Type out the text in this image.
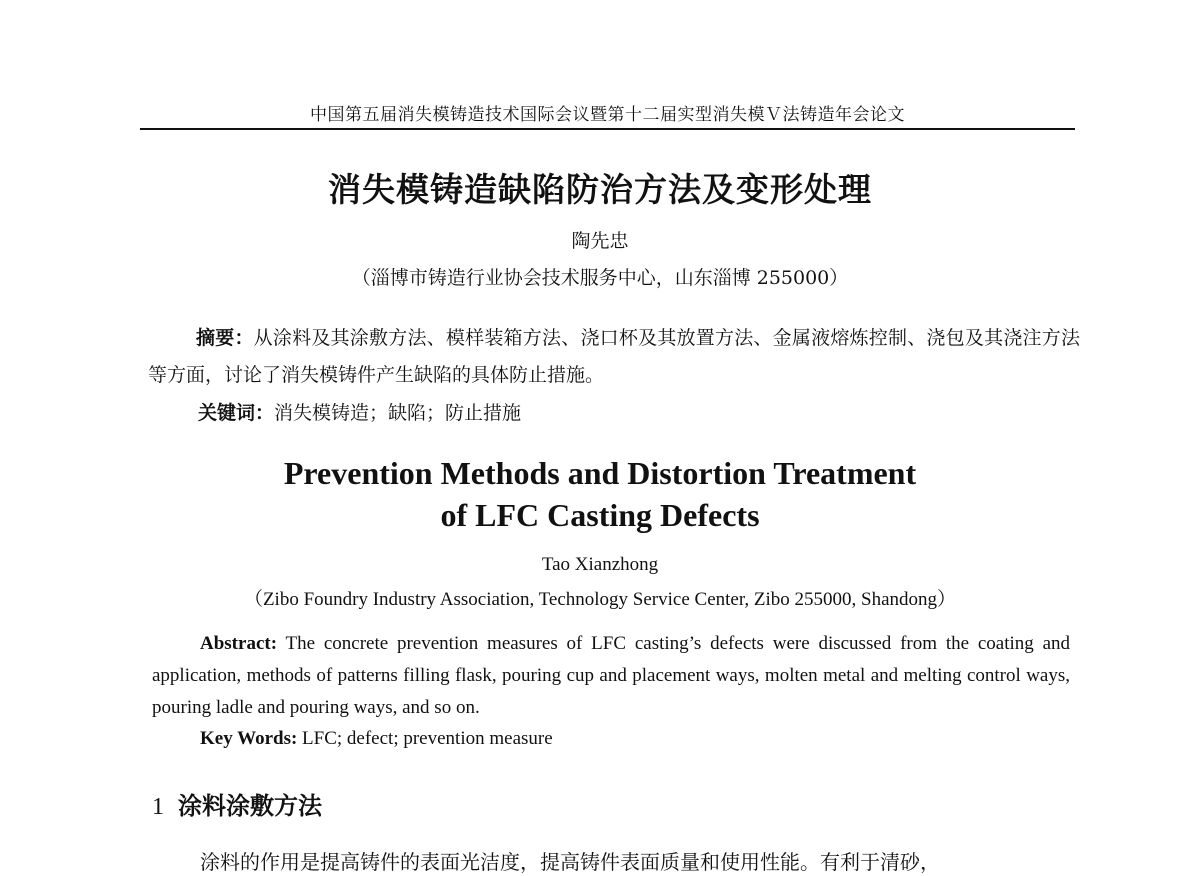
中国第五届消失模铸造技术国际会议暨第十二届实型消失模Ｖ法铸造年会论文
消失模铸造缺陷防治方法及变形处理
陶先忠
（淄博市铸造行业协会技术服务中心，山东淄博 255000）
摘要：从涂料及其涂敷方法、模样装箱方法、浇口杯及其放置方法、金属液熔炼控制、浇包及其浇注方法等方面，讨论了消失模铸件产生缺陷的具体防止措施。
关键词：消失模铸造；缺陷；防止措施
Prevention Methods and Distortion Treatment
of LFC Casting Defects
Tao Xianzhong
（Zibo Foundry Industry Association, Technology Service Center, Zibo 255000, Shandong）
Abstract: The concrete prevention measures of LFC casting’s defects were discussed from the coating and application, methods of patterns filling flask, pouring cup and placement ways, molten metal and melting control ways, pouring ladle and pouring ways, and so on.
Key Words: LFC; defect; prevention measure
1 涂料涂敷方法
涂料的作用是提高铸件的表面光洁度，提高铸件表面质量和使用性能。有利于清砂，
